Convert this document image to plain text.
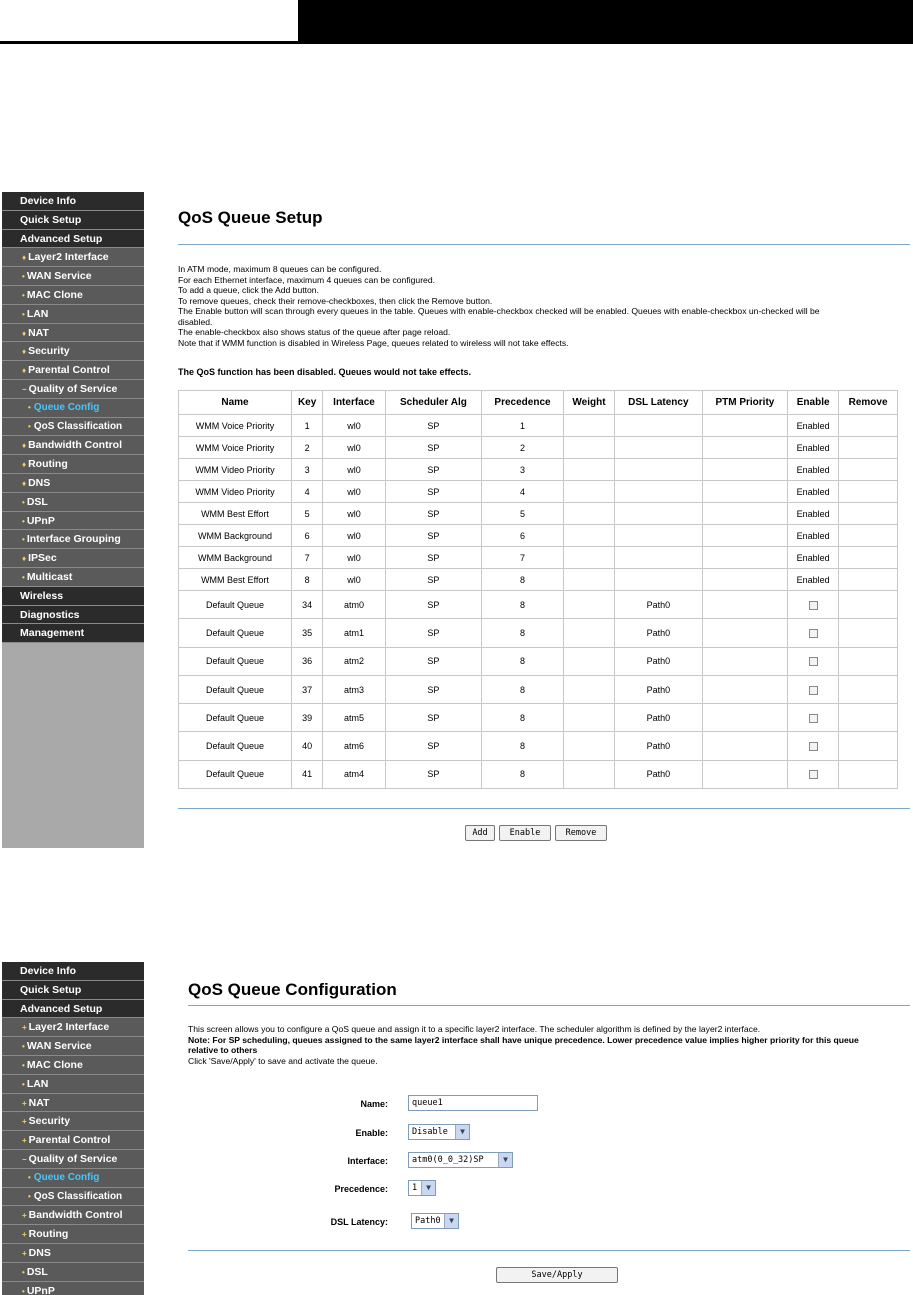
Device Info
Quick Setup
Advanced Setup
♦ Layer2 Interface
• WAN Service
• MAC Clone
• LAN
♦ NAT
♦ Security
♦ Parental Control
− Quality of Service
• Queue Config
• QoS Classification
♦ Bandwidth Control
♦ Routing
♦ DNS
• DSL
• UPnP
• Interface Grouping
♦ IPSec
• Multicast
Wireless
Diagnostics
Management
QoS Queue Setup
In ATM mode, maximum 8 queues can be configured.
For each Ethernet interface, maximum 4 queues can be configured.
To add a queue, click the Add button.
To remove queues, check their remove-checkboxes, then click the Remove button.
The Enable button will scan through every queues in the table. Queues with enable-checkbox checked will be enabled. Queues with enable-checkbox un-checked will be
disabled.
The enable-checkbox also shows status of the queue after page reload.
Note that if WMM function is disabled in Wireless Page, queues related to wireless will not take effects.
The QoS function has been disabled. Queues would not take effects.
Name	Key	Interface	Scheduler Alg	Precedence	Weight	DSL Latency	PTM Priority	Enable	Remove
WMM Voice Priority	1	wl0	SP	1				Enabled	
WMM Voice Priority	2	wl0	SP	2				Enabled	
WMM Video Priority	3	wl0	SP	3				Enabled	
WMM Video Priority	4	wl0	SP	4				Enabled	
WMM Best Effort	5	wl0	SP	5				Enabled	
WMM Background	6	wl0	SP	6				Enabled	
WMM Background	7	wl0	SP	7				Enabled	
WMM Best Effort	8	wl0	SP	8				Enabled	
Default Queue	34	atm0	SP	8		Path0			
Default Queue	35	atm1	SP	8		Path0			
Default Queue	36	atm2	SP	8		Path0			
Default Queue	37	atm3	SP	8		Path0			
Default Queue	39	atm5	SP	8		Path0			
Default Queue	40	atm6	SP	8		Path0			
Default Queue	41	atm4	SP	8		Path0			
Add	Enable	Remove
Device Info
Quick Setup
Advanced Setup
+ Layer2 Interface
• WAN Service
• MAC Clone
• LAN
+ NAT
+ Security
+ Parental Control
− Quality of Service
• Queue Config
• QoS Classification
+ Bandwidth Control
+ Routing
+ DNS
• DSL
• UPnP
QoS Queue Configuration
This screen allows you to configure a QoS queue and assign it to a specific layer2 interface. The scheduler algorithm is defined by the layer2 interface.
Note: For SP scheduling, queues assigned to the same layer2 interface shall have unique precedence. Lower precedence value implies higher priority for this queue
relative to others
Click 'Save/Apply' to save and activate the queue.
Name:	queue1
Enable:	Disable	▼
Interface:	atm0(0_0_32)SP	▼
Precedence:	1	▼
DSL Latency:	Path0	▼
Save/Apply
